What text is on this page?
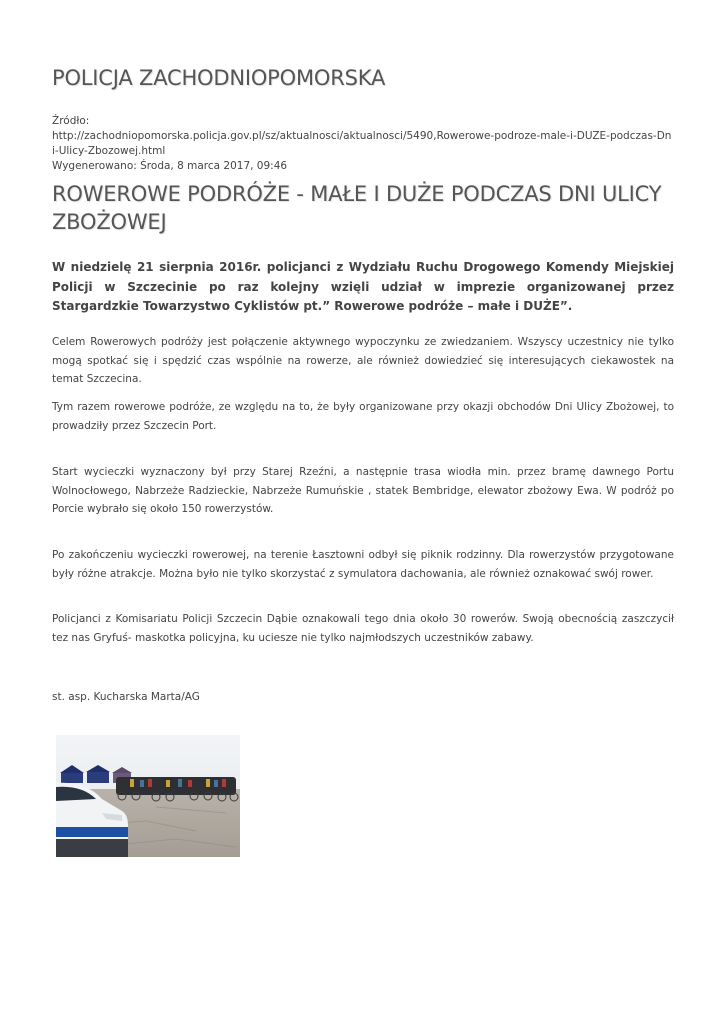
POLICJA ZACHODNIOPOMORSKA
Źródło:
http://zachodniopomorska.policja.gov.pl/sz/aktualnosci/aktualnosci/5490,Rowerowe-podroze-male-i-DUZE-podczas-Dni-Ulicy-Zbozowej.html
Wygenerowano: Środa, 8 marca 2017, 09:46
ROWEROWE PODRÓŻE - MAŁE I DUŻE PODCZAS DNI ULICY ZBOŻOWEJ

W niedzielę 21 sierpnia 2016r. policjanci z Wydziału Ruchu Drogowego Komendy Miejskiej Policji w Szczecinie po raz kolejny wzięli udział w imprezie organizowanej przez Stargardzkie Towarzystwo Cyklistów pt.” Rowerowe podróże – małe i DUŻE”.

Celem Rowerowych podróży jest połączenie aktywnego wypoczynku ze zwiedzaniem. Wszyscy uczestnicy nie tylko mogą spotkać się i spędzić czas wspólnie na rowerze, ale również dowiedzieć się interesujących ciekawostek na temat Szczecina.

Tym razem rowerowe podróże, ze względu na to, że były organizowane przy okazji obchodów Dni Ulicy Zbożowej, to prowadziły przez Szczecin Port.

Start wycieczki wyznaczony był przy Starej Rzeźni, a następnie trasa wiodła min. przez bramę dawnego Portu Wolnocłowego, Nabrzeże Radzieckie, Nabrzeże Rumuńskie , statek Bembridge, elewator zbożowy Ewa. W podróż po Porcie wybrało się około 150 rowerzystów.

Po zakończeniu wycieczki rowerowej, na terenie Łasztowni odbył się piknik rodzinny. Dla rowerzystów przygotowane były różne atrakcje. Można było nie tylko skorzystać z symulatora dachowania, ale również oznakować swój rower.

Policjanci z Komisariatu Policji Szczecin Dąbie oznakowali tego dnia około 30 rowerów. Swoją obecnością zaszczycił tez nas Gryfuś- maskotka policyjna, ku uciesze nie tylko najmłodszych uczestników zabawy.

st. asp. Kucharska Marta/AG
